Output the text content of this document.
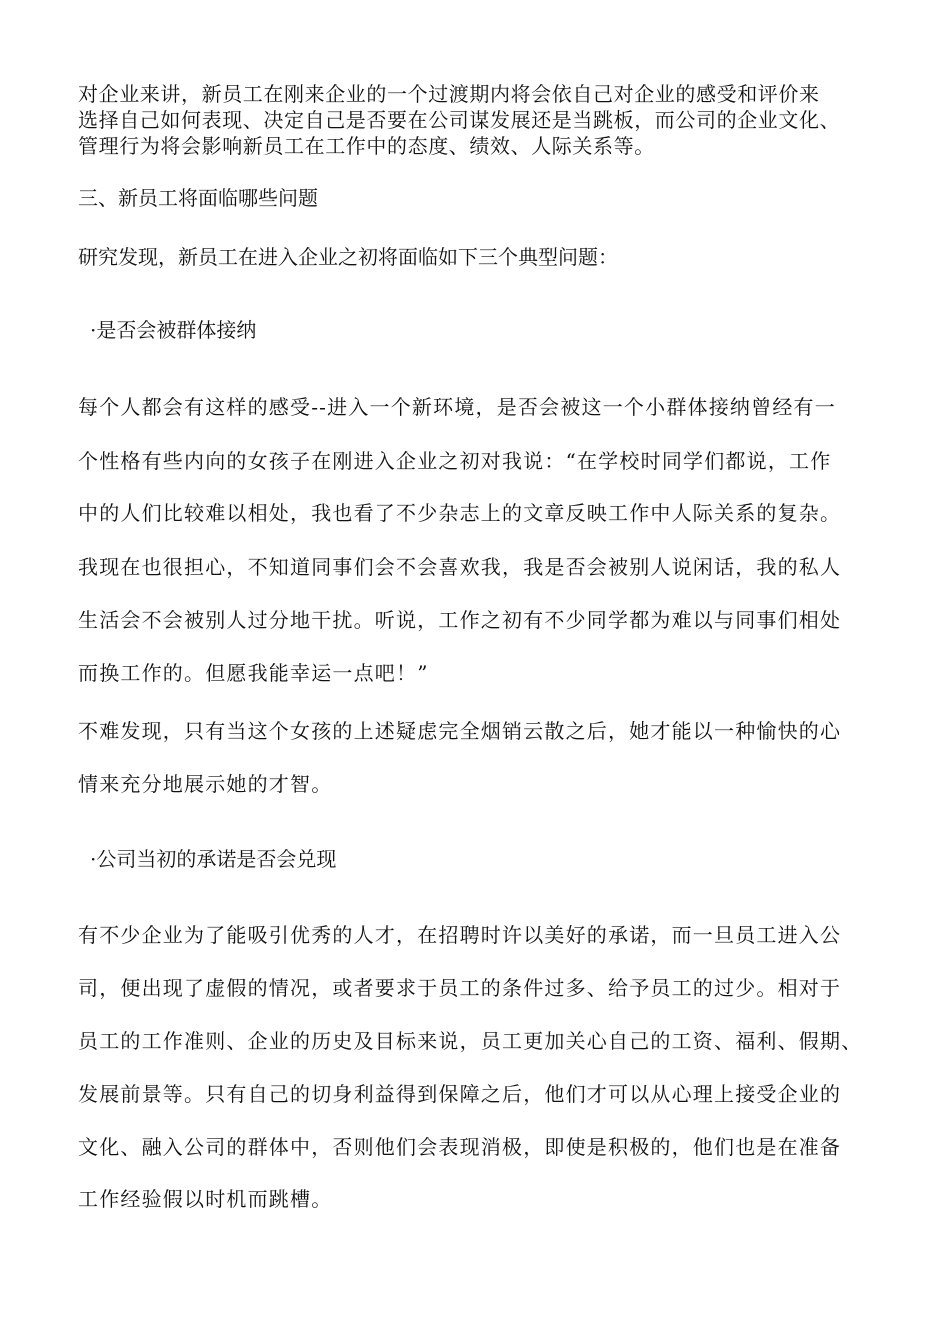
对企业来讲，新员工在刚来企业的一个过渡期内将会依自己对企业的感受和评价来

选择自己如何表现、决定自己是否要在公司谋发展还是当跳板，而公司的企业文化、

管理行为将会影响新员工在工作中的态度、绩效、人际关系等。

三、新员工将面临哪些问题

研究发现，新员工在进入企业之初将面临如下三个典型问题：

·是否会被群体接纳

每个人都会有这样的感受--进入一个新环境，是否会被这一个小群体接纳曾经有一

个性格有些内向的女孩子在刚进入企业之初对我说：“在学校时同学们都说，工作

中的人们比较难以相处，我也看了不少杂志上的文章反映工作中人际关系的复杂。

我现在也很担心，不知道同事们会不会喜欢我，我是否会被别人说闲话，我的私人

生活会不会被别人过分地干扰。听说，工作之初有不少同学都为难以与同事们相处

而换工作的。但愿我能幸运一点吧！”

不难发现，只有当这个女孩的上述疑虑完全烟销云散之后，她才能以一种愉快的心

情来充分地展示她的才智。

·公司当初的承诺是否会兑现

有不少企业为了能吸引优秀的人才，在招聘时许以美好的承诺，而一旦员工进入公

司，便出现了虚假的情况，或者要求于员工的条件过多、给予员工的过少。相对于

员工的工作准则、企业的历史及目标来说，员工更加关心自己的工资、福利、假期、

发展前景等。只有自己的切身利益得到保障之后，他们才可以从心理上接受企业的

文化、融入公司的群体中，否则他们会表现消极，即使是积极的，他们也是在准备

工作经验假以时机而跳槽。
